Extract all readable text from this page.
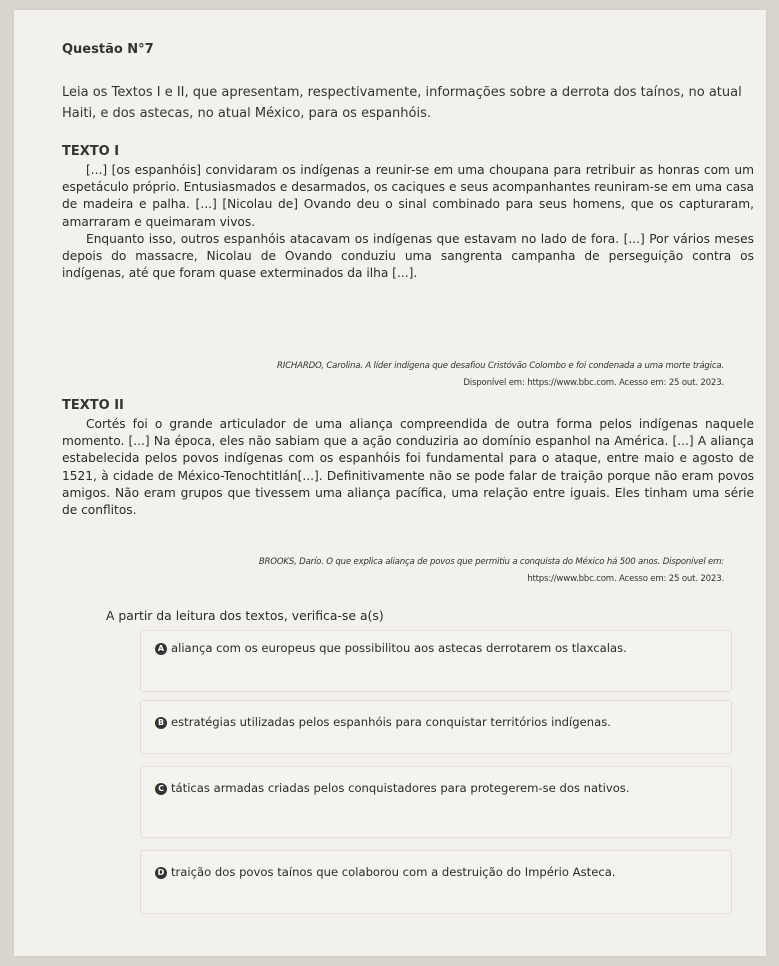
Questão N°7
Leia os Textos I e II, que apresentam, respectivamente, informações sobre a derrota dos taínos, no atual Haiti, e dos astecas, no atual México, para os espanhóis.
TEXTO I

[...] [os espanhóis] convidaram os indígenas a reunir-se em uma choupana para retribuir as honras com um espetáculo próprio. Entusiasmados e desarmados, os caciques e seus acompanhantes reuniram-se em uma casa de madeira e palha. [...] [Nicolau de] Ovando deu o sinal combinado para seus homens, que os capturaram, amarraram e queimaram vivos.

Enquanto isso, outros espanhóis atacavam os indígenas que estavam no lado de fora. [...] Por vários meses depois do massacre, Nicolau de Ovando conduziu uma sangrenta campanha de perseguição contra os indígenas, até que foram quase exterminados da ilha [...].

RICHARDO, Carolina. A líder indígena que desafiou Cristóvão Colombo e foi condenada a uma morte trágica.
Disponível em: https://www.bbc.com. Acesso em: 25 out. 2023.
TEXTO II

Cortés foi o grande articulador de uma aliança compreendida de outra forma pelos indígenas naquele momento. [...] Na época, eles não sabiam que a ação conduziria ao domínio espanhol na América. [...] A aliança estabelecida pelos povos indígenas com os espanhóis foi fundamental para o ataque, entre maio e agosto de 1521, à cidade de México-Tenochtitlán[...]. Definitivamente não se pode falar de traição porque não eram povos amigos. Não eram grupos que tivessem uma aliança pacífica, uma relação entre iguais. Eles tinham uma série de conflitos.

BROOKS, Darío. O que explica aliança de povos que permitiu a conquista do México há 500 anos. Disponível em:
https://www.bbc.com. Acesso em: 25 out. 2023.
A partir da leitura dos textos, verifica-se a(s)
A aliança com os europeus que possibilitou aos astecas derrotarem os tlaxcalas.
B estratégias utilizadas pelos espanhóis para conquistar territórios indígenas.
C táticas armadas criadas pelos conquistadores para protegerem-se dos nativos.
D traição dos povos taínos que colaborou com a destruição do Império Asteca.
